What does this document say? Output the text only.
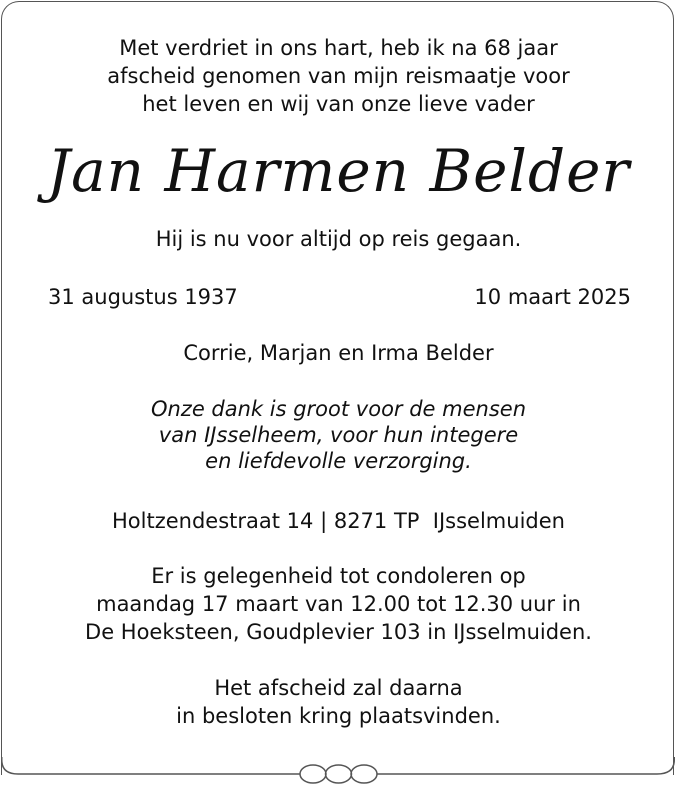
Met verdriet in ons hart, heb ik na 68 jaar
afscheid genomen van mijn reismaatje voor
het leven en wij van onze lieve vader
Jan Harmen Belder
Hij is nu voor altijd op reis gegaan.
31 augustus 1937	10 maart 2025
Corrie, Marjan en Irma Belder
Onze dank is groot voor de mensen
van IJsselheem, voor hun integere
en liefdevolle verzorging.
Holtzendestraat 14 | 8271 TP  IJsselmuiden
Er is gelegenheid tot condoleren op
maandag 17 maart van 12.00 tot 12.30 uur in
De Hoeksteen, Goudplevier 103 in IJsselmuiden.
Het afscheid zal daarna
in besloten kring plaatsvinden.
